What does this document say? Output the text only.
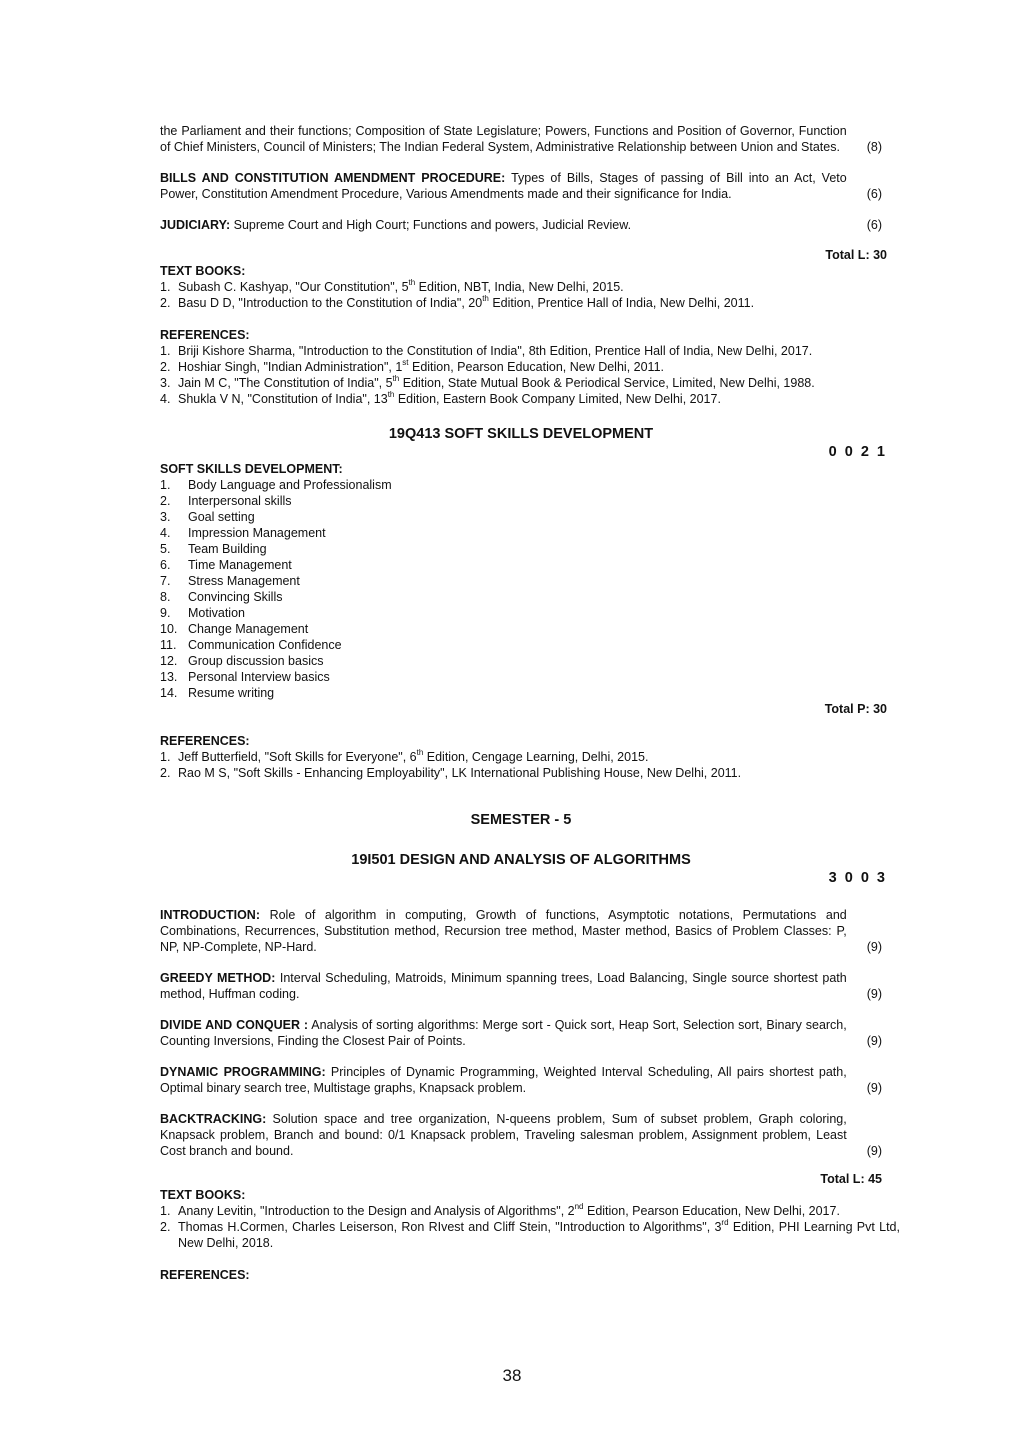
the Parliament and their functions; Composition of State Legislature; Powers, Functions and Position of Governor, Function of Chief Ministers, Council of Ministers; The Indian Federal System, Administrative Relationship between Union and States.	(8)

BILLS AND CONSTITUTION AMENDMENT PROCEDURE: Types of Bills, Stages of passing of Bill into an Act, Veto Power, Constitution Amendment Procedure, Various Amendments made and their significance for India.	(6)

JUDICIARY: Supreme Court and High Court; Functions and powers, Judicial Review.	(6)
Total L: 30
TEXT BOOKS:
1. Subash C. Kashyap, "Our Constitution", 5th Edition, NBT, India, New Delhi, 2015.
2. Basu D D, "Introduction to the Constitution of India", 20th Edition, Prentice Hall of India, New Delhi, 2011.
REFERENCES:
1. Briji Kishore Sharma, "Introduction to the Constitution of India", 8th Edition, Prentice Hall of India, New Delhi, 2017.
2. Hoshiar Singh, "Indian Administration", 1st Edition, Pearson Education, New Delhi, 2011.
3. Jain M C, "The Constitution of India", 5th Edition, State Mutual Book & Periodical Service, Limited, New Delhi, 1988.
4. Shukla V N, "Constitution of India", 13th Edition, Eastern Book Company Limited, New Delhi, 2017.
19Q413 SOFT SKILLS DEVELOPMENT
0 0 2 1
SOFT SKILLS DEVELOPMENT:
1.	Body Language and Professionalism
2.	Interpersonal skills
3.	Goal setting
4.	Impression Management
5.	Team Building
6.	Time Management
7.	Stress Management
8.	Convincing Skills
9.	Motivation
10. Change Management
11. Communication Confidence
12. Group discussion basics
13. Personal Interview basics
14. Resume writing
Total P: 30
REFERENCES:
1. Jeff Butterfield, "Soft Skills for Everyone", 6th Edition, Cengage Learning, Delhi, 2015.
2. Rao M S, "Soft Skills - Enhancing Employability", LK International Publishing House, New Delhi, 2011.
SEMESTER - 5
19I501 DESIGN AND ANALYSIS OF ALGORITHMS
3 0 0 3

INTRODUCTION: Role of algorithm in computing, Growth of functions, Asymptotic notations, Permutations and Combinations, Recurrences, Substitution method, Recursion tree method, Master method, Basics of Problem Classes: P, NP, NP-Complete, NP-Hard.	(9)

GREEDY METHOD: Interval Scheduling, Matroids, Minimum spanning trees, Load Balancing, Single source shortest path method, Huffman coding.	(9)

DIVIDE AND CONQUER : Analysis of sorting algorithms: Merge sort - Quick sort, Heap Sort, Selection sort, Binary search, Counting Inversions, Finding the Closest Pair of Points.	(9)

DYNAMIC PROGRAMMING: Principles of Dynamic Programming, Weighted Interval Scheduling, All pairs shortest path, Optimal binary search tree, Multistage graphs, Knapsack problem.	(9)

BACKTRACKING: Solution space and tree organization, N-queens problem, Sum of subset problem, Graph coloring, Knapsack problem, Branch and bound: 0/1 Knapsack problem, Traveling salesman problem, Assignment problem, Least Cost branch and bound.	(9)
Total L: 45
TEXT BOOKS:
1. Anany Levitin, "Introduction to the Design and Analysis of Algorithms", 2nd Edition, Pearson Education, New Delhi, 2017.
2. Thomas H.Cormen, Charles Leiserson, Ron RIvest and Cliff Stein, "Introduction to Algorithms", 3rd Edition, PHI Learning Pvt Ltd, New Delhi, 2018.
REFERENCES:
38
